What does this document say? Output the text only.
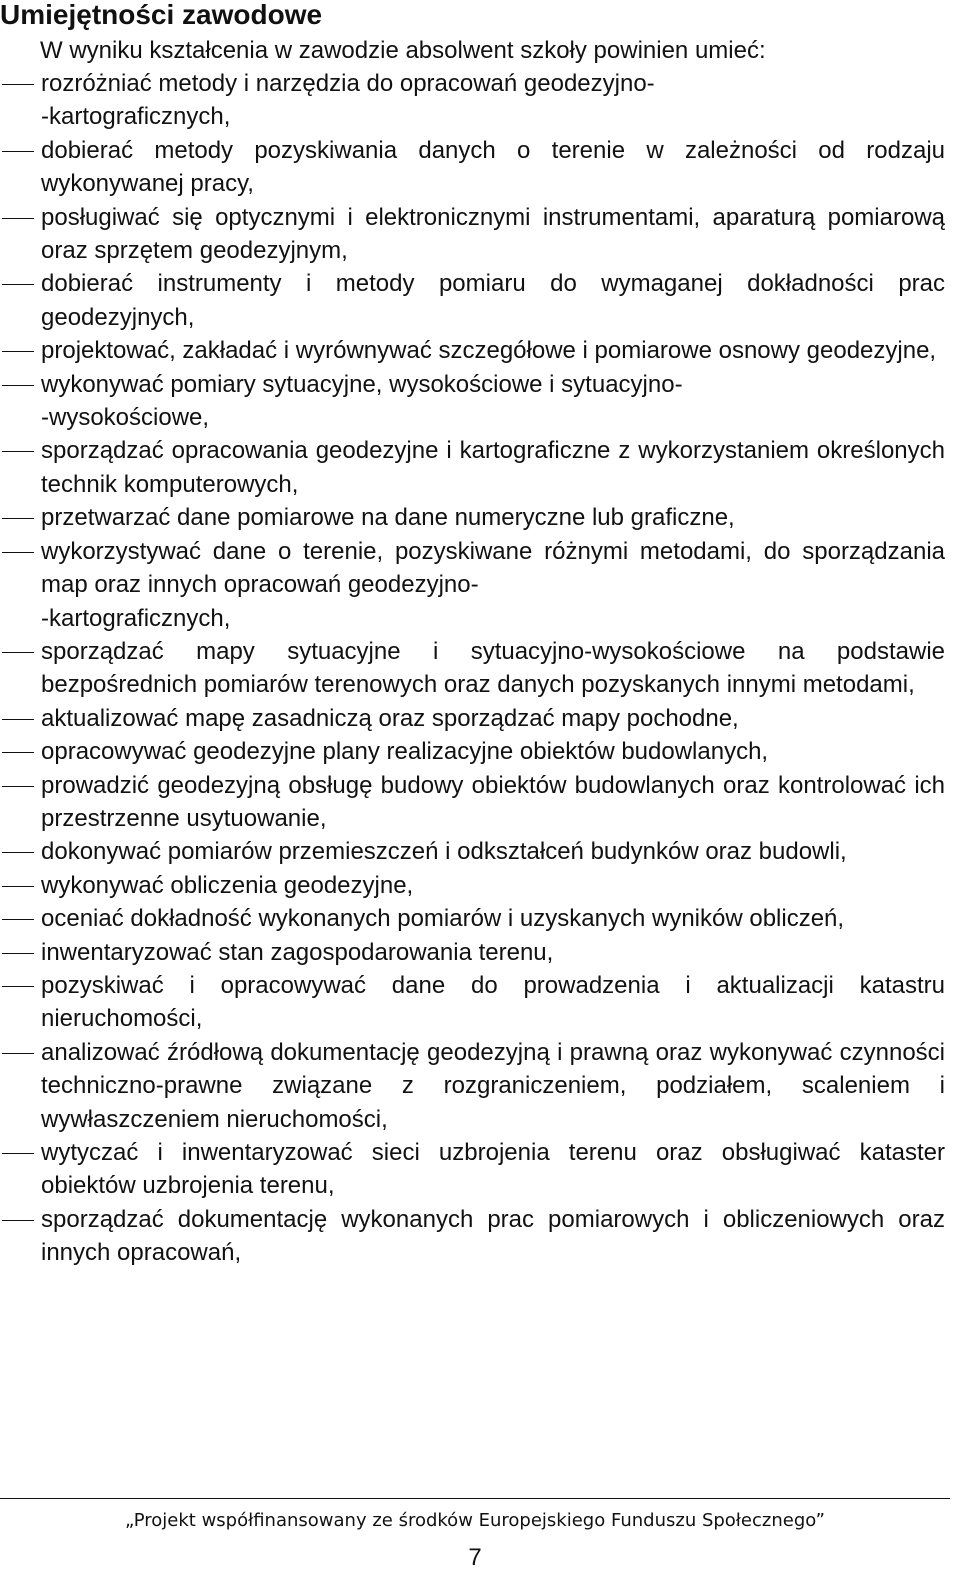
Umiejętności zawodowe

W wyniku kształcenia w zawodzie absolwent szkoły powinien umieć:

rozróżniać metody i narzędzia do opracowań geodezyjno-
-kartograficznych,
dobierać metody pozyskiwania danych o terenie w zależności od rodzaju wykonywanej pracy,
posługiwać się optycznymi i elektronicznymi instrumentami, aparaturą pomiarową oraz sprzętem geodezyjnym,
dobierać instrumenty i metody pomiaru do wymaganej dokładności prac geodezyjnych,
projektować, zakładać i wyrównywać szczegółowe i pomiarowe osnowy geodezyjne,
wykonywać pomiary sytuacyjne, wysokościowe i sytuacyjno-
-wysokościowe,
sporządzać opracowania geodezyjne i kartograficzne z wykorzystaniem określonych technik komputerowych,
przetwarzać dane pomiarowe na dane numeryczne lub graficzne,
wykorzystywać dane o terenie, pozyskiwane różnymi metodami, do sporządzania map oraz innych opracowań geodezyjno-
-kartograficznych,
sporządzać mapy sytuacyjne i sytuacyjno-wysokościowe na podstawie bezpośrednich pomiarów terenowych oraz danych pozyskanych innymi metodami,
aktualizować mapę zasadniczą oraz sporządzać mapy pochodne,
opracowywać geodezyjne plany realizacyjne obiektów budowlanych,
prowadzić geodezyjną obsługę budowy obiektów budowlanych oraz kontrolować ich przestrzenne usytuowanie,
dokonywać pomiarów przemieszczeń i odkształceń budynków oraz budowli,
wykonywać obliczenia geodezyjne,
oceniać dokładność wykonanych pomiarów i uzyskanych wyników obliczeń,
inwentaryzować stan zagospodarowania terenu,
pozyskiwać i opracowywać dane do prowadzenia i aktualizacji katastru nieruchomości,
analizować źródłową dokumentację geodezyjną i prawną oraz wykonywać czynności techniczno-prawne związane z rozgraniczeniem, podziałem, scaleniem i wywłaszczeniem nieruchomości,
wytyczać i inwentaryzować sieci uzbrojenia terenu oraz obsługiwać kataster obiektów uzbrojenia terenu,
sporządzać dokumentację wykonanych prac pomiarowych i obliczeniowych oraz innych opracowań,

„Projekt współfinansowany ze środków Europejskiego Funduszu Społecznego”

7
